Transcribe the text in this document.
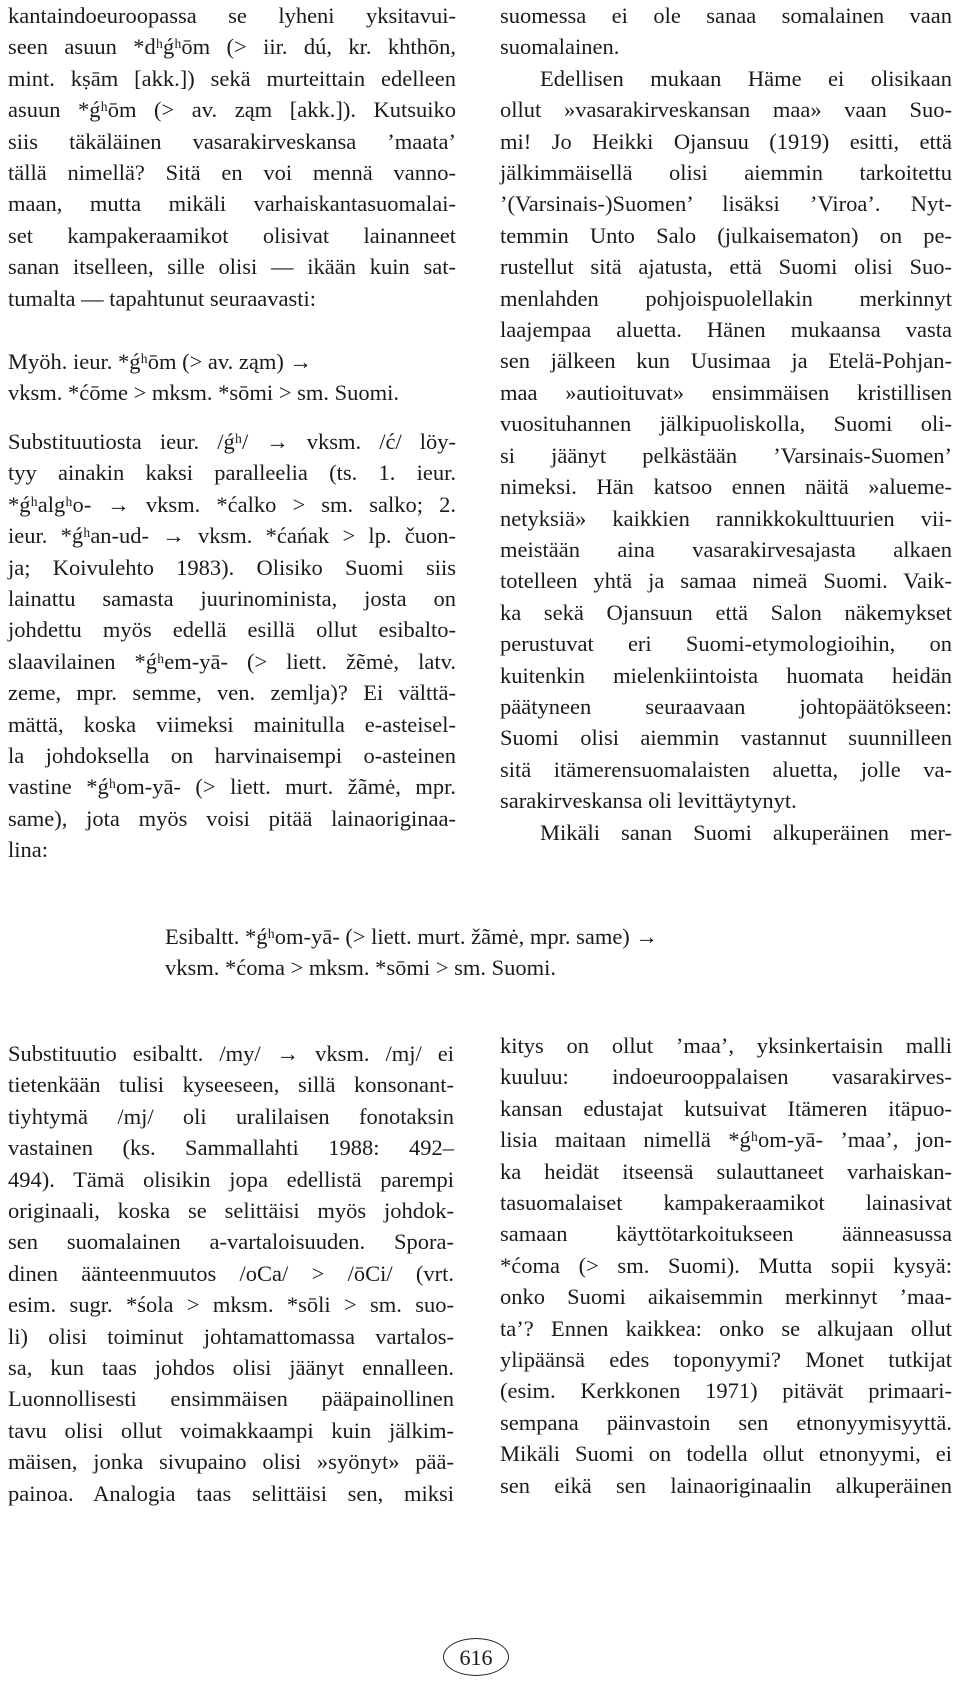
kantaindoeuroopassa se lyheni yksitavui-
seen asuun *dʰǵʰōm (> iir. dú, kr. khthōn,
mint. kṣām [akk.]) sekä murteittain edelleen
asuun *ǵʰōm (> av. ząm [akk.]). Kutsuiko
siis täkäläinen vasarakirveskansa ’maata’
tällä nimellä? Sitä en voi mennä vanno-
maan, mutta mikäli varhaiskantasuomalai-
set kampakeraamikot olisivat lainanneet
sanan itselleen, sille olisi — ikään kuin sat-
tumalta — tapahtunut seuraavasti:

Myöh. ieur. *ǵʰōm (> av. ząm) →
vksm. *ćōme > mksm. *sōmi > sm. Suomi.
Substituutiosta ieur. /ǵʰ/ → vksm. /ć/ löy-
tyy ainakin kaksi paralleelia (ts. 1. ieur.
*ǵʰalgʰo- → vksm. *ćalko > sm. salko; 2.
ieur. *ǵʰan-ud- → vksm. *ćańak > lp. čuon-
ja; Koivulehto 1983). Olisiko Suomi siis
lainattu samasta juurinominista, josta on
johdettu myös edellä esillä ollut esibalto-
slaavilainen *ǵʰem-yā- (> liett. žẽmė, latv.
zeme, mpr. semme, ven. zemlja)? Ei välttä-
mättä, koska viimeksi mainitulla e-asteisel-
la johdoksella on harvinaisempi o-asteinen
vastine *ǵʰom-yā- (> liett. murt. žãmė, mpr.
same), jota myös voisi pitää lainaoriginaa-
lina:
suomessa ei ole sanaa somalainen vaan
suomalainen.
Edellisen mukaan Häme ei olisikaan
ollut »vasarakirveskansan maa» vaan Suo-
mi! Jo Heikki Ojansuu (1919) esitti, että
jälkimmäisellä olisi aiemmin tarkoitettu
’(Varsinais-)Suomen’ lisäksi ’Viroa’. Nyt-
temmin Unto Salo (julkaisematon) on pe-
rustellut sitä ajatusta, että Suomi olisi Suo-
menlahden pohjoispuolellakin merkinnyt
laajempaa aluetta. Hänen mukaansa vasta
sen jälkeen kun Uusimaa ja Etelä-Pohjan-
maa »autioituvat» ensimmäisen kristillisen
vuosituhannen jälkipuoliskolla, Suomi oli-
si jäänyt pelkästään ’Varsinais-Suomen’
nimeksi. Hän katsoo ennen näitä »alueme-
netyksiä» kaikkien rannikkokulttuurien vii-
meistään aina vasarakirvesajasta alkaen
totelleen yhtä ja samaa nimeä Suomi. Vaik-
ka sekä Ojansuun että Salon näkemykset
perustuvat eri Suomi-etymologioihin, on
kuitenkin mielenkiintoista huomata heidän
päätyneen seuraavaan johtopäätökseen:
Suomi olisi aiemmin vastannut suunnilleen
sitä itämerensuomalaisten aluetta, jolle va-
sarakirveskansa oli levittäytynyt.
Mikäli sanan Suomi alkuperäinen mer-
Esibaltt. *ǵʰom-yā- (> liett. murt. žãmė, mpr. same) →
vksm. *ćoma > mksm. *sōmi > sm. Suomi.
Substituutio esibaltt. /my/ → vksm. /mj/ ei
tietenkään tulisi kyseeseen, sillä konsonant-
tiyhtymä /mj/ oli uralilaisen fonotaksin
vastainen (ks. Sammallahti 1988: 492–
494). Tämä olisikin jopa edellistä parempi
originaali, koska se selittäisi myös johdok-
sen suomalainen a-vartaloisuuden. Spora-
dinen äänteenmuutos /oCa/ > /ōCi/ (vrt.
esim. sugr. *śola > mksm. *sōli > sm. suo-
li) olisi toiminut johtamattomassa vartalos-
sa, kun taas johdos olisi jäänyt ennalleen.
Luonnollisesti ensimmäisen pääpainollinen
tavu olisi ollut voimakkaampi kuin jälkim-
mäisen, jonka sivupaino olisi »syönyt» pää-
painoa. Analogia taas selittäisi sen, miksi
kitys on ollut ’maa’, yksinkertaisin malli
kuuluu: indoeurooppalaisen vasarakirves-
kansan edustajat kutsuivat Itämeren itäpuo-
lisia maitaan nimellä *ǵʰom-yā- ’maa’, jon-
ka heidät itseensä sulauttaneet varhaiskan-
tasuomalaiset kampakeraamikot lainasivat
samaan käyttötarkoitukseen äänneasussa
*ćoma (> sm. Suomi). Mutta sopii kysyä:
onko Suomi aikaisemmin merkinnyt ’maa-
ta’? Ennen kaikkea: onko se alkujaan ollut
ylipäänsä edes toponyymi? Monet tutkijat
(esim. Kerkkonen 1971) pitävät primaari-
sempana päinvastoin sen etnonyymisyyttä.
Mikäli Suomi on todella ollut etnonyymi, ei
sen eikä sen lainaoriginaalin alkuperäinen
616
